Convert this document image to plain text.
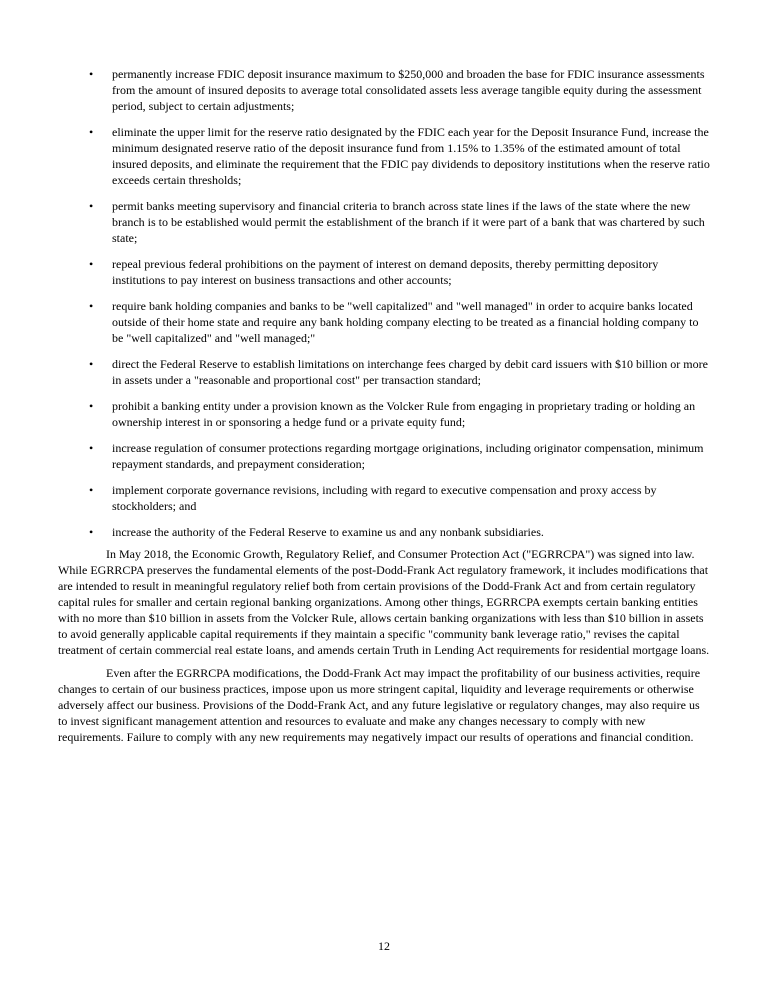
•	permanently increase FDIC deposit insurance maximum to $250,000 and broaden the base for FDIC insurance assessments from the amount of insured deposits to average total consolidated assets less average tangible equity during the assessment period, subject to certain adjustments;
•	eliminate the upper limit for the reserve ratio designated by the FDIC each year for the Deposit Insurance Fund, increase the minimum designated reserve ratio of the deposit insurance fund from 1.15% to 1.35% of the estimated amount of total insured deposits, and eliminate the requirement that the FDIC pay dividends to depository institutions when the reserve ratio exceeds certain thresholds;
•	permit banks meeting supervisory and financial criteria to branch across state lines if the laws of the state where the new branch is to be established would permit the establishment of the branch if it were part of a bank that was chartered by such state;
•	repeal previous federal prohibitions on the payment of interest on demand deposits, thereby permitting depository institutions to pay interest on business transactions and other accounts;
•	require bank holding companies and banks to be "well capitalized" and "well managed" in order to acquire banks located outside of their home state and require any bank holding company electing to be treated as a financial holding company to be "well capitalized" and "well managed;"
•	direct the Federal Reserve to establish limitations on interchange fees charged by debit card issuers with $10 billion or more in assets under a "reasonable and proportional cost" per transaction standard;
•	prohibit a banking entity under a provision known as the Volcker Rule from engaging in proprietary trading or holding an ownership interest in or sponsoring a hedge fund or a private equity fund;
•	increase regulation of consumer protections regarding mortgage originations, including originator compensation, minimum repayment standards, and prepayment consideration;
•	implement corporate governance revisions, including with regard to executive compensation and proxy access by stockholders; and
•	increase the authority of the Federal Reserve to examine us and any nonbank subsidiaries.

In May 2018, the Economic Growth, Regulatory Relief, and Consumer Protection Act ("EGRRCPA") was signed into law. While EGRRCPA preserves the fundamental elements of the post-Dodd-Frank Act regulatory framework, it includes modifications that are intended to result in meaningful regulatory relief both from certain provisions of the Dodd-Frank Act and from certain regulatory capital rules for smaller and certain regional banking organizations. Among other things, EGRRCPA exempts certain banking entities with no more than $10 billion in assets from the Volcker Rule, allows certain banking organizations with less than $10 billion in assets to avoid generally applicable capital requirements if they maintain a specific "community bank leverage ratio," revises the capital treatment of certain commercial real estate loans, and amends certain Truth in Lending Act requirements for residential mortgage loans.

Even after the EGRRCPA modifications, the Dodd-Frank Act may impact the profitability of our business activities, require changes to certain of our business practices, impose upon us more stringent capital, liquidity and leverage requirements or otherwise adversely affect our business. Provisions of the Dodd-Frank Act, and any future legislative or regulatory changes, may also require us to invest significant management attention and resources to evaluate and make any changes necessary to comply with new requirements. Failure to comply with any new requirements may negatively impact our results of operations and financial condition.

12
